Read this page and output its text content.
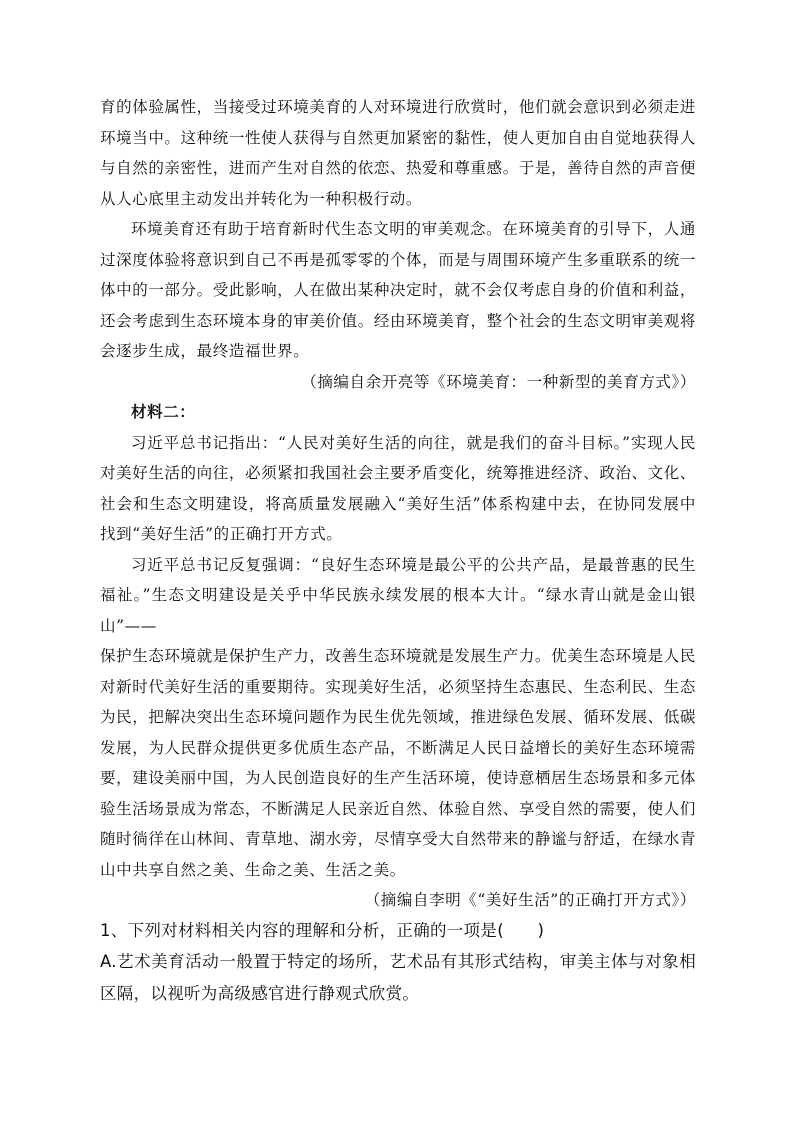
育的体验属性，当接受过环境美育的人对环境进行欣赏时，他们就会意识到必须走进环境当中。这种统一性使人获得与自然更加紧密的黏性，使人更加自由自觉地获得人与自然的亲密性，进而产生对自然的依恋、热爱和尊重感。于是，善待自然的声音便从人心底里主动发出并转化为一种积极行动。

环境美育还有助于培育新时代生态文明的审美观念。在环境美育的引导下，人通过深度体验将意识到自己不再是孤零零的个体，而是与周围环境产生多重联系的统一体中的一部分。受此影响，人在做出某种决定时，就不会仅考虑自身的价值和利益，还会考虑到生态环境本身的审美价值。经由环境美育，整个社会的生态文明审美观将会逐步生成，最终造福世界。

（摘编自余开亮等《环境美育：一种新型的美育方式》）

材料二：

习近平总书记指出：“人民对美好生活的向往，就是我们的奋斗目标。”实现人民对美好生活的向往，必须紧扣我国社会主要矛盾变化，统筹推进经济、政治、文化、社会和生态文明建设，将高质量发展融入“美好生活”体系构建中去，在协同发展中找到“美好生活”的正确打开方式。

习近平总书记反复强调：“良好生态环境是最公平的公共产品，是最普惠的民生福祉。”生态文明建设是关乎中华民族永续发展的根本大计。“绿水青山就是金山银山”——

保护生态环境就是保护生产力，改善生态环境就是发展生产力。优美生态环境是人民对新时代美好生活的重要期待。实现美好生活，必须坚持生态惠民、生态利民、生态为民，把解决突出生态环境问题作为民生优先领域，推进绿色发展、循环发展、低碳发展，为人民群众提供更多优质生态产品，不断满足人民日益增长的美好生态环境需要，建设美丽中国，为人民创造良好的生产生活环境，使诗意栖居生态场景和多元体验生活场景成为常态，不断满足人民亲近自然、体验自然、享受自然的需要，使人们随时徜徉在山林间、青草地、湖水旁，尽情享受大自然带来的静谧与舒适，在绿水青山中共享自然之美、生命之美、生活之美。

（摘编自李明《“美好生活”的正确打开方式》）

1、下列对材料相关内容的理解和分析，正确的一项是(　　)

A.艺术美育活动一般置于特定的场所，艺术品有其形式结构，审美主体与对象相区隔，以视听为高级感官进行静观式欣赏。
